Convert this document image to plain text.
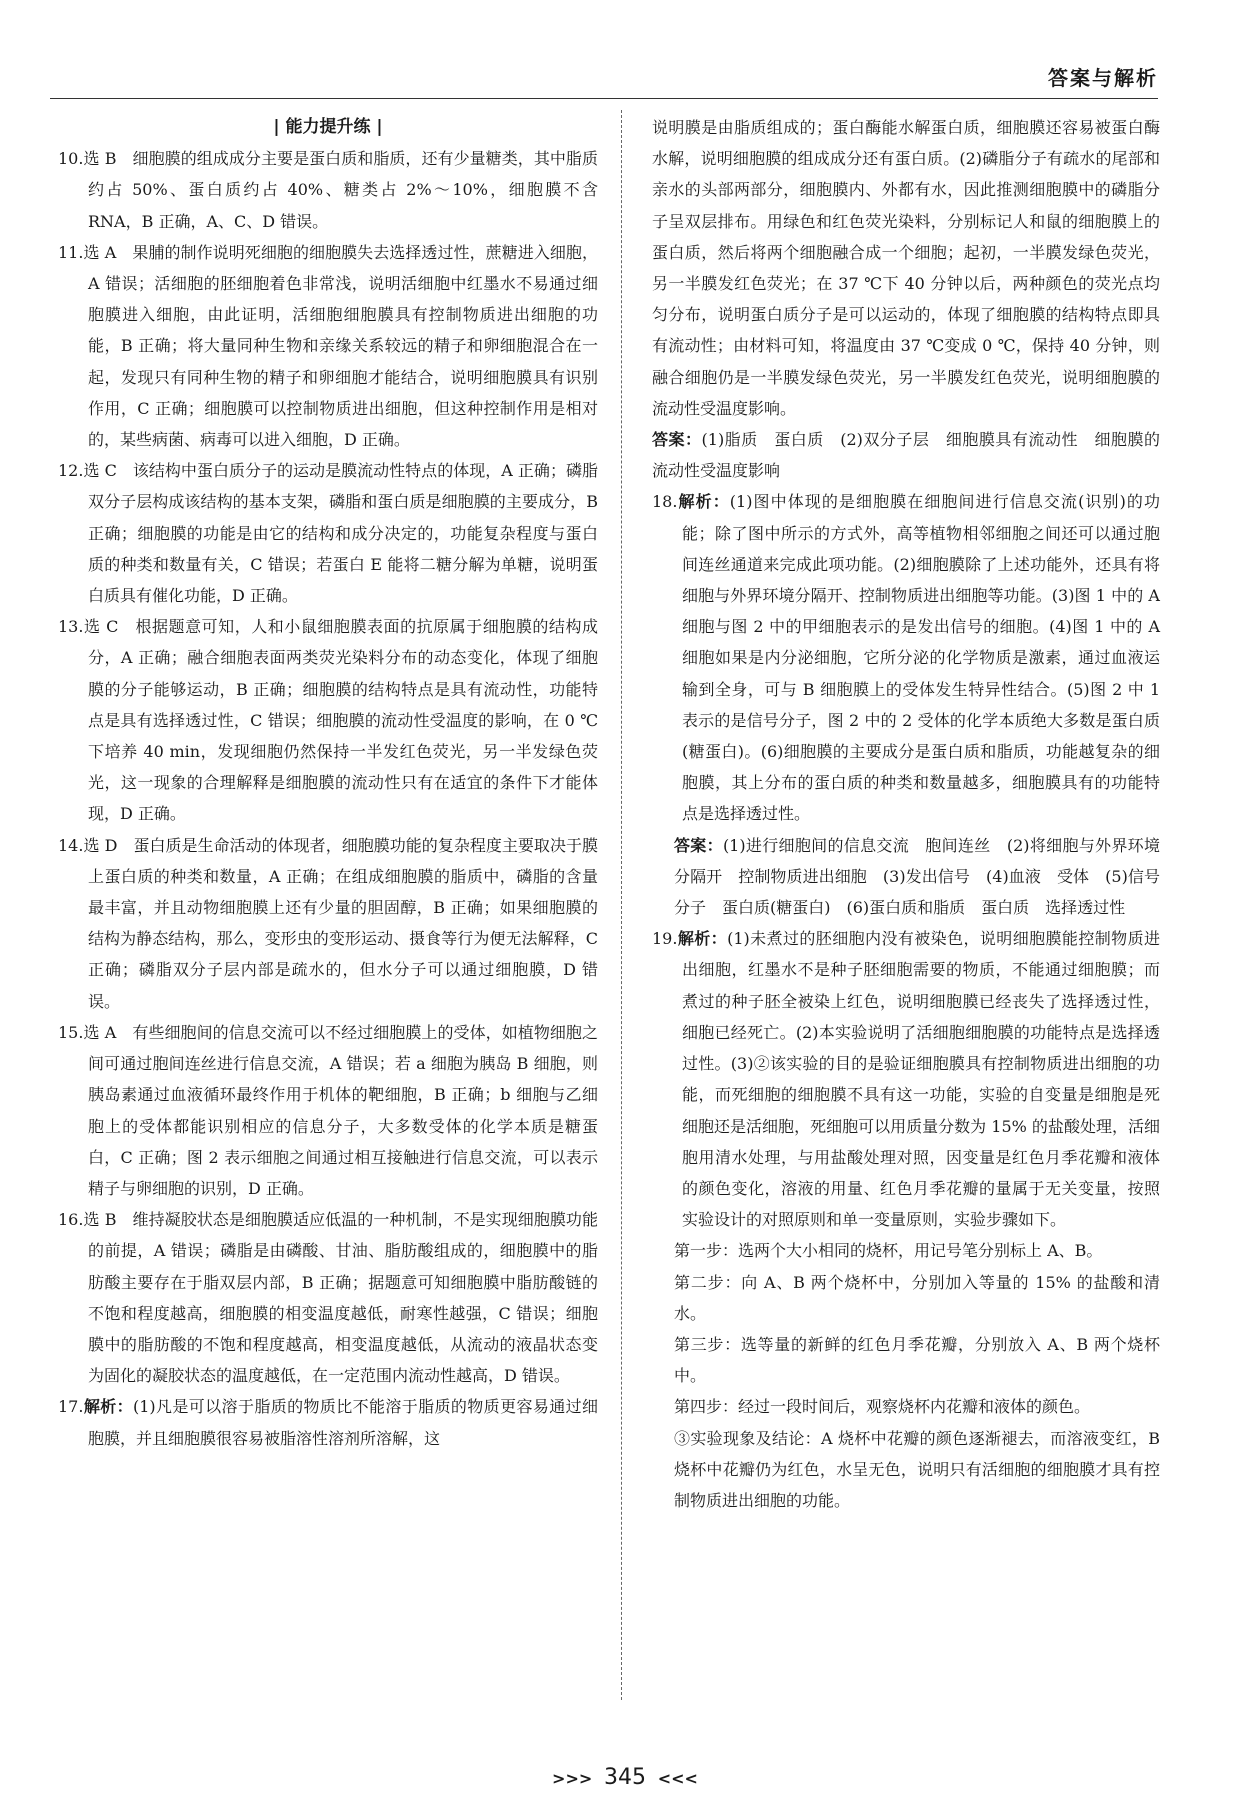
答案与解析
| 能力提升练 |

10.选 B　细胞膜的组成成分主要是蛋白质和脂质，还有少量糖类，其中脂质约占 50%、蛋白质约占 40%、糖类占 2%～10%，细胞膜不含 RNA，B 正确，A、C、D 错误。

11.选 A　果脯的制作说明死细胞的细胞膜失去选择透过性，蔗糖进入细胞，A 错误；活细胞的胚细胞着色非常浅，说明活细胞中红墨水不易通过细胞膜进入细胞，由此证明，活细胞细胞膜具有控制物质进出细胞的功能，B 正确；将大量同种生物和亲缘关系较远的精子和卵细胞混合在一起，发现只有同种生物的精子和卵细胞才能结合，说明细胞膜具有识别作用，C 正确；细胞膜可以控制物质进出细胞，但这种控制作用是相对的，某些病菌、病毒可以进入细胞，D 正确。

12.选 C　该结构中蛋白质分子的运动是膜流动性特点的体现，A 正确；磷脂双分子层构成该结构的基本支架，磷脂和蛋白质是细胞膜的主要成分，B 正确；细胞膜的功能是由它的结构和成分决定的，功能复杂程度与蛋白质的种类和数量有关，C 错误；若蛋白 E 能将二糖分解为单糖，说明蛋白质具有催化功能，D 正确。

13.选 C　根据题意可知，人和小鼠细胞膜表面的抗原属于细胞膜的结构成分，A 正确；融合细胞表面两类荧光染料分布的动态变化，体现了细胞膜的分子能够运动，B 正确；细胞膜的结构特点是具有流动性，功能特点是具有选择透过性，C 错误；细胞膜的流动性受温度的影响，在 0 ℃下培养 40 min，发现细胞仍然保持一半发红色荧光，另一半发绿色荧光，这一现象的合理解释是细胞膜的流动性只有在适宜的条件下才能体现，D 正确。

14.选 D　蛋白质是生命活动的体现者，细胞膜功能的复杂程度主要取决于膜上蛋白质的种类和数量，A 正确；在组成细胞膜的脂质中，磷脂的含量最丰富，并且动物细胞膜上还有少量的胆固醇，B 正确；如果细胞膜的结构为静态结构，那么，变形虫的变形运动、摄食等行为便无法解释，C 正确；磷脂双分子层内部是疏水的，但水分子可以通过细胞膜，D 错误。

15.选 A　有些细胞间的信息交流可以不经过细胞膜上的受体，如植物细胞之间可通过胞间连丝进行信息交流，A 错误；若 a 细胞为胰岛 B 细胞，则胰岛素通过血液循环最终作用于机体的靶细胞，B 正确；b 细胞与乙细胞上的受体都能识别相应的信息分子，大多数受体的化学本质是糖蛋白，C 正确；图 2 表示细胞之间通过相互接触进行信息交流，可以表示精子与卵细胞的识别，D 正确。

16.选 B　维持凝胶状态是细胞膜适应低温的一种机制，不是实现细胞膜功能的前提，A 错误；磷脂是由磷酸、甘油、脂肪酸组成的，细胞膜中的脂肪酸主要存在于脂双层内部，B 正确；据题意可知细胞膜中脂肪酸链的不饱和程度越高，细胞膜的相变温度越低，耐寒性越强，C 错误；细胞膜中的脂肪酸的不饱和程度越高，相变温度越低，从流动的液晶状态变为固化的凝胶状态的温度越低，在一定范围内流动性越高，D 错误。

17.解析：(1)凡是可以溶于脂质的物质比不能溶于脂质的物质更容易通过细胞膜，并且细胞膜很容易被脂溶性溶剂所溶解，这

说明膜是由脂质组成的；蛋白酶能水解蛋白质，细胞膜还容易被蛋白酶水解，说明细胞膜的组成成分还有蛋白质。(2)磷脂分子有疏水的尾部和亲水的头部两部分，细胞膜内、外都有水，因此推测细胞膜中的磷脂分子呈双层排布。用绿色和红色荧光染料，分别标记人和鼠的细胞膜上的蛋白质，然后将两个细胞融合成一个细胞；起初，一半膜发绿色荧光，另一半膜发红色荧光；在 37 ℃下 40 分钟以后，两种颜色的荧光点均匀分布，说明蛋白质分子是可以运动的，体现了细胞膜的结构特点即具有流动性；由材料可知，将温度由 37 ℃变成 0 ℃，保持 40 分钟，则融合细胞仍是一半膜发绿色荧光，另一半膜发红色荧光，说明细胞膜的流动性受温度影响。

答案：(1)脂质　蛋白质　(2)双分子层　细胞膜具有流动性　细胞膜的流动性受温度影响

18.解析：(1)图中体现的是细胞膜在细胞间进行信息交流(识别)的功能；除了图中所示的方式外，高等植物相邻细胞之间还可以通过胞间连丝通道来完成此项功能。(2)细胞膜除了上述功能外，还具有将细胞与外界环境分隔开、控制物质进出细胞等功能。(3)图 1 中的 A 细胞与图 2 中的甲细胞表示的是发出信号的细胞。(4)图 1 中的 A 细胞如果是内分泌细胞，它所分泌的化学物质是激素，通过血液运输到全身，可与 B 细胞膜上的受体发生特异性结合。(5)图 2 中 1 表示的是信号分子，图 2 中的 2 受体的化学本质绝大多数是蛋白质(糖蛋白)。(6)细胞膜的主要成分是蛋白质和脂质，功能越复杂的细胞膜，其上分布的蛋白质的种类和数量越多，细胞膜具有的功能特点是选择透过性。

答案：(1)进行细胞间的信息交流　胞间连丝　(2)将细胞与外界环境分隔开　控制物质进出细胞　(3)发出信号　(4)血液　受体　(5)信号分子　蛋白质(糖蛋白)　(6)蛋白质和脂质　蛋白质　选择透过性

19.解析：(1)未煮过的胚细胞内没有被染色，说明细胞膜能控制物质进出细胞，红墨水不是种子胚细胞需要的物质，不能通过细胞膜；而煮过的种子胚全被染上红色，说明细胞膜已经丧失了选择透过性，细胞已经死亡。(2)本实验说明了活细胞细胞膜的功能特点是选择透过性。(3)②该实验的目的是验证细胞膜具有控制物质进出细胞的功能，而死细胞的细胞膜不具有这一功能，实验的自变量是细胞是死细胞还是活细胞，死细胞可以用质量分数为 15% 的盐酸处理，活细胞用清水处理，与用盐酸处理对照，因变量是红色月季花瓣和液体的颜色变化，溶液的用量、红色月季花瓣的量属于无关变量，按照实验设计的对照原则和单一变量原则，实验步骤如下。

第一步：选两个大小相同的烧杯，用记号笔分别标上 A、B。

第二步：向 A、B 两个烧杯中，分别加入等量的 15% 的盐酸和清水。

第三步：选等量的新鲜的红色月季花瓣，分别放入 A、B 两个烧杯中。

第四步：经过一段时间后，观察烧杯内花瓣和液体的颜色。

③实验现象及结论：A 烧杯中花瓣的颜色逐渐褪去，而溶液变红，B 烧杯中花瓣仍为红色，水呈无色，说明只有活细胞的细胞膜才具有控制物质进出细胞的功能。

>>> 345 <<<
